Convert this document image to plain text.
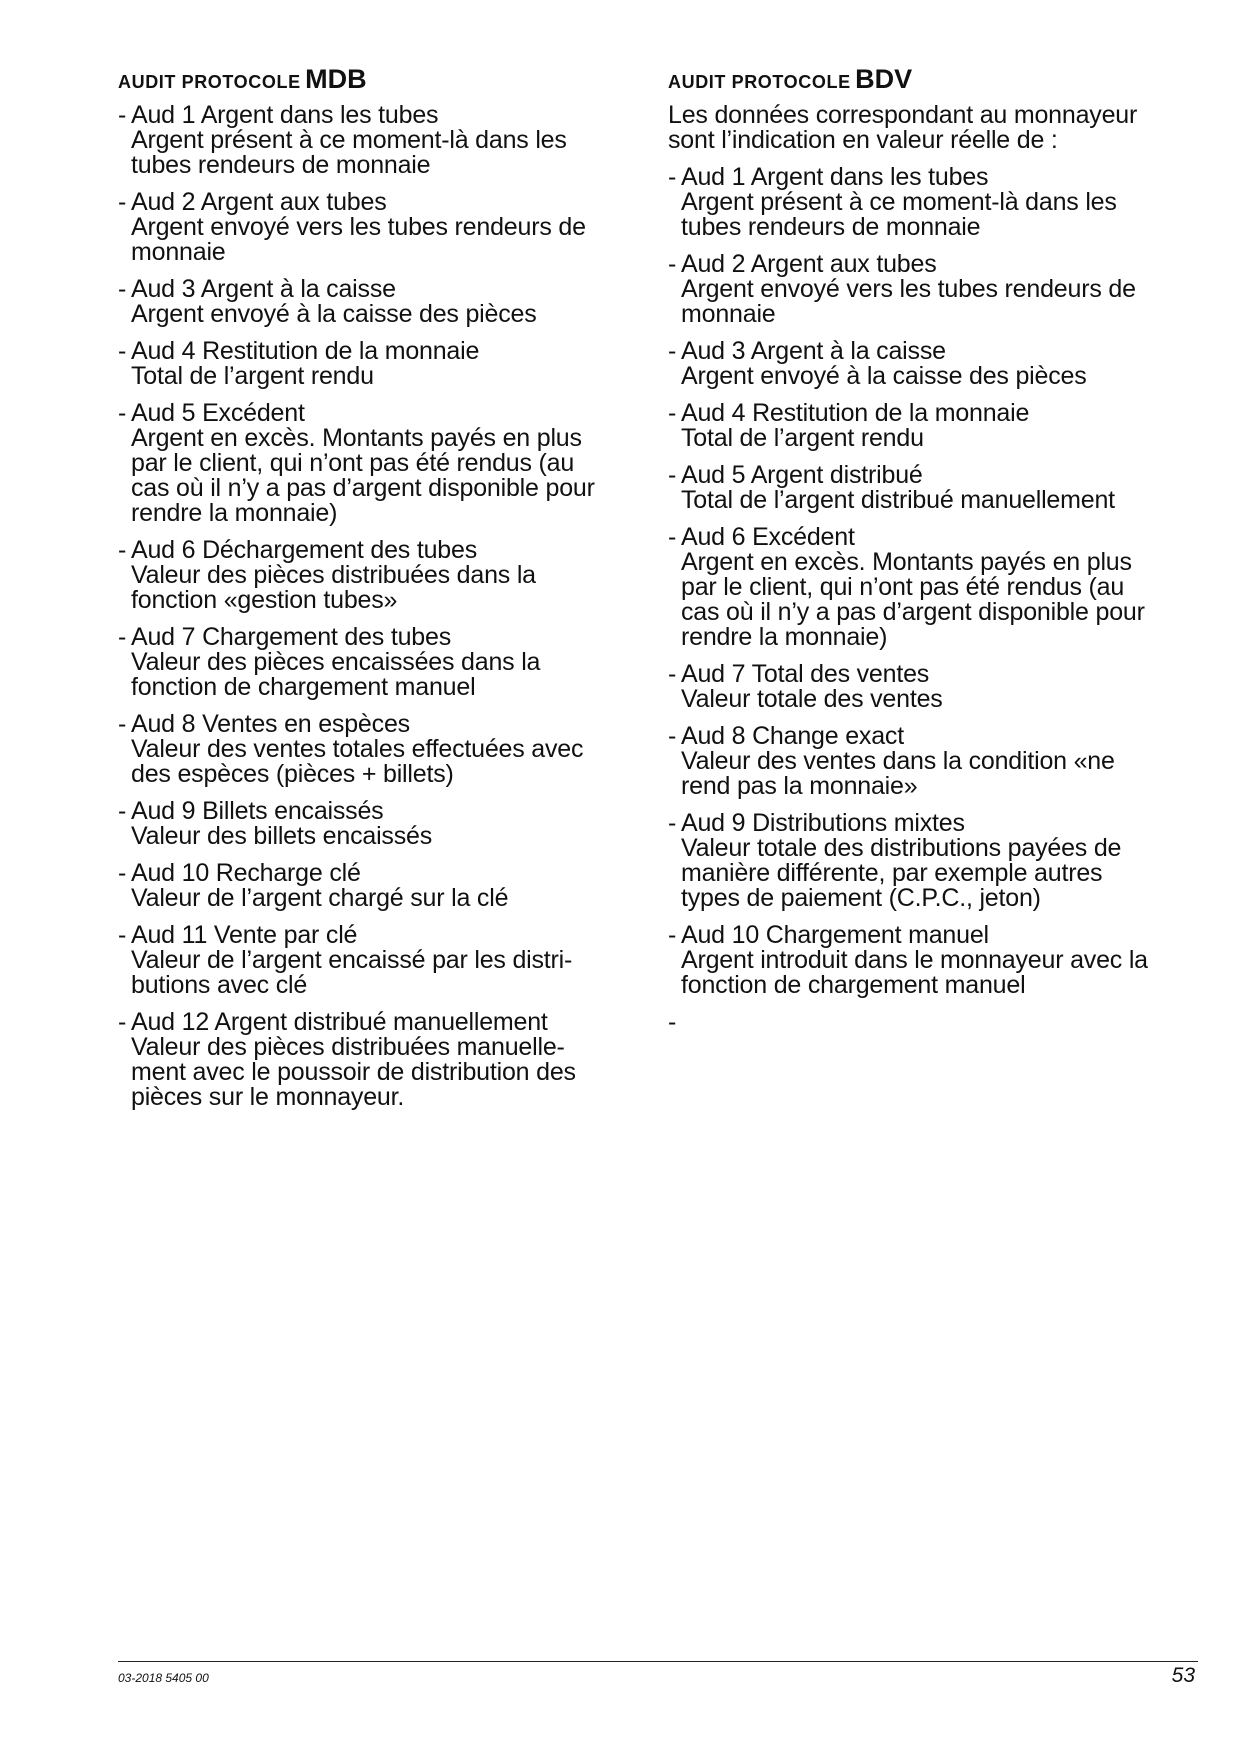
AUDIT PROTOCOLE MDB
- Aud 1 Argent dans les tubes
Argent présent à ce moment-là dans les
tubes rendeurs de monnaie
- Aud 2 Argent aux tubes
Argent envoyé vers les tubes rendeurs de
monnaie
- Aud 3 Argent à la caisse
Argent envoyé à la caisse des pièces
- Aud 4 Restitution de la monnaie
Total de l’argent rendu
- Aud 5 Excédent
Argent en excès. Montants payés en plus
par le client, qui n’ont pas été rendus (au
cas où il n’y a pas d’argent disponible pour
rendre la monnaie)
- Aud 6 Déchargement des tubes
Valeur des pièces distribuées dans la
fonction «gestion tubes»
- Aud 7 Chargement des tubes
Valeur des pièces encaissées dans la
fonction de chargement manuel
- Aud 8 Ventes en espèces
Valeur des ventes totales effectuées avec
des espèces (pièces + billets)
- Aud 9 Billets encaissés
Valeur des billets encaissés
- Aud 10 Recharge clé
Valeur de l’argent chargé sur la clé
- Aud 11 Vente par clé
Valeur de l’argent encaissé par les distri-
butions avec clé
- Aud 12 Argent distribué manuellement
Valeur des pièces distribuées manuelle-
ment avec le poussoir de distribution des
pièces sur le monnayeur.
AUDIT PROTOCOLE BDV
Les données correspondant au monnayeur
sont l’indication en valeur réelle de :
- Aud 1 Argent dans les tubes
Argent présent à ce moment-là dans les
tubes rendeurs de monnaie
- Aud 2 Argent aux tubes
Argent envoyé vers les tubes rendeurs de
monnaie
- Aud 3 Argent à la caisse
Argent envoyé à la caisse des pièces
- Aud 4 Restitution de la monnaie
Total de l’argent rendu
- Aud 5 Argent distribué
Total de l’argent distribué manuellement
- Aud 6 Excédent
Argent en excès. Montants payés en plus
par le client, qui n’ont pas été rendus (au
cas où il n’y a pas d’argent disponible pour
rendre la monnaie)
- Aud 7 Total des ventes
Valeur totale des ventes
- Aud 8 Change exact
Valeur des ventes dans la condition «ne
rend pas la monnaie»
- Aud 9 Distributions mixtes
Valeur totale des distributions payées de
manière différente, par exemple autres
types de paiement (C.P.C., jeton)
- Aud 10 Chargement manuel
Argent introduit dans le monnayeur avec la
fonction de chargement manuel
-
03-2018 5405 00	53
